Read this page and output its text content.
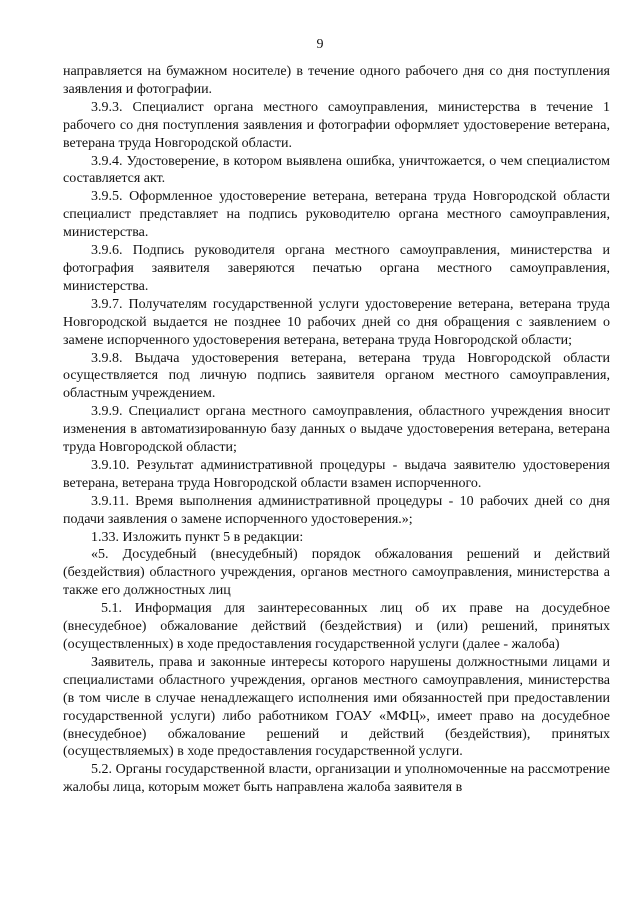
9

направляется на бумажном носителе) в течение одного рабочего дня со дня поступления заявления и фотографии.

3.9.3. Специалист органа местного самоуправления, министерства в течение 1 рабочего со дня поступления заявления и фотографии оформляет удостоверение ветерана, ветерана труда Новгородской области.

3.9.4. Удостоверение, в котором выявлена ошибка, уничтожается, о чем специалистом составляется акт.

3.9.5. Оформленное удостоверение ветерана, ветерана труда Новгородской области специалист представляет на подпись руководителю органа местного самоуправления, министерства.

3.9.6. Подпись руководителя органа местного самоуправления, министерства и фотография заявителя заверяются печатью органа местного самоуправления, министерства.

3.9.7. Получателям государственной услуги удостоверение ветерана, ветерана труда Новгородской выдается не позднее 10 рабочих дней со дня обращения с заявлением о замене испорченного удостоверения ветерана, ветерана труда Новгородской области;

3.9.8. Выдача удостоверения ветерана, ветерана труда Новгородской области осуществляется под личную подпись заявителя органом местного самоуправления, областным учреждением.

3.9.9. Специалист органа местного самоуправления, областного учреждения вносит изменения в автоматизированную базу данных о выдаче удостоверения ветерана, ветерана труда Новгородской области;

3.9.10. Результат административной процедуры - выдача заявителю удостоверения ветерана, ветерана труда Новгородской области взамен испорченного.

3.9.11. Время выполнения административной процедуры - 10 рабочих дней со дня подачи заявления о замене испорченного удостоверения.»;

1.33. Изложить пункт 5 в редакции:

«5. Досудебный (внесудебный) порядок обжалования решений и действий (бездействия) областного учреждения, органов местного самоуправления, министерства а также его должностных лиц

5.1. Информация для заинтересованных лиц об их праве на досудебное (внесудебное) обжалование действий (бездействия) и (или) решений, принятых (осуществленных) в ходе предоставления государственной услуги (далее - жалоба)

Заявитель, права и законные интересы которого нарушены должностными лицами и специалистами областного учреждения, органов местного самоуправления, министерства (в том числе в случае ненадлежащего исполнения ими обязанностей при предоставлении государственной услуги) либо работником ГОАУ «МФЦ», имеет право на досудебное (внесудебное) обжалование решений и действий (бездействия), принятых (осуществляемых) в ходе предоставления государственной услуги.

5.2. Органы государственной власти, организации и уполномоченные на рассмотрение жалобы лица, которым может быть направлена жалоба заявителя в
